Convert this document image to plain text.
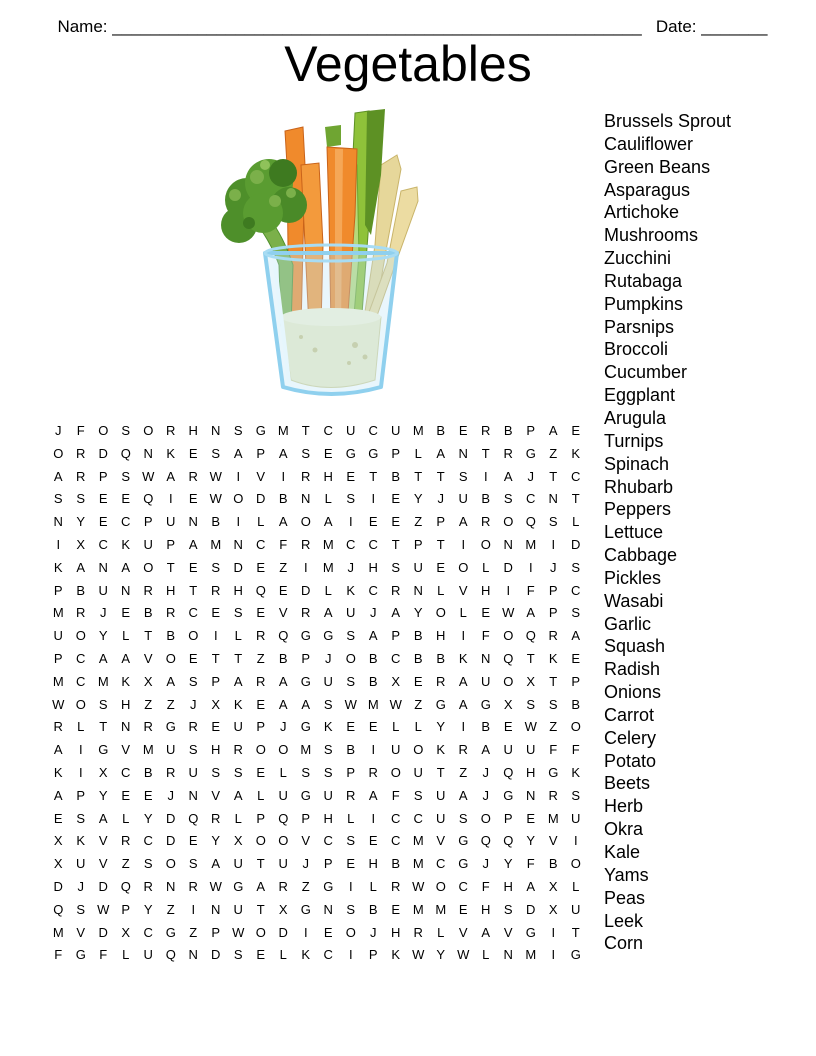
Name: ________________________________________________________ Date: _______

Vegetables
J	F	O	S	O R	H	N	S	G M	T	C	U	C	U M B	E	R	B	P	A	E
O R	D Q N	K	E	S	A	P	A	S	E	G G	P	L	A	N	T	R G	Z	K
A	R	P	S W A	R W	I	V	I	R	H	E	T	B	T	T	S	I	A	J	T	C
S	S	E	E	Q	I	E W O D	B	N	L	S	I	E	Y	J	U	B	S	C	N	T
N	Y	E	C	P	U	N	B	I	L	A	O	A	I	E	E	Z	P	A	R O Q	S	L
I	X	C	K	U	P	A M N	C	F	R M C	C	T	P	T	I	O N M	I	D
K	A	N	A	O	T	E	S	D	E	Z	I	M	J	H	S	U	E	O	L	D	I	J	S
P	B	U	N	R	H	T	R	H Q	E	D	L	K	C	R	N	L	V	H	I	F	P	C
M R	J	E	B	R	C	E	S	E	V	R	A	U	J	A	Y	O	L	E W A	P	S
U O	Y	L	T	B	O	I	L	R Q G G	S	A	P	B	H	I	F	O Q R	A
P	C	A	A	V	O	E	T	T	Z	B	P	J	O	B	C	B	B	K	N Q	T	K	E
M C M K	X	A	S	P	A	R	A	G U	S	B	X	E	R	A	U O	X	T	P
W O	S	H	Z	Z	J	X	K	E	A	A	S W M W Z	G	A	G	X	S	S	B
R	L	T	N	R G R	E	U	P	J	G	K	E	E	L	L	Y	I	B	E W Z	O
A	I	G	V M U	S	H	R O O M S	B	I	U O	K	R	A	U	U	F	F
K	I	X	C	B	R	U	S	S	E	L	S	S	P	R O U	T	Z	J	Q H G	K
A	P	Y	E	E	J	N	V	A	L	U G U	R	A	F	S	U	A	J	G N	R	S
E	S	A	L	Y	D Q R	L	P	Q	P	H	L	I	C	C	U	S	O	P	E M U
X	K	V	R	C	D	E	Y	X	O O	V	C	S	E	C M V	G Q Q	Y	V	I
X	U	V	Z	S	O	S	A	U	T	U	J	P	E	H	B M C G	J	Y	F	B	O
D	J	D Q R	N	R W G	A	R	Z	G	I	L	R W O C	F	H	A	X	L
Q	S W P	Y	Z	I	N	U	T	X	G N	S	B	E M M E	H	S	D	X	U
M V	D	X	C G	Z	P W O D	I	E	O	J	H	R	L	V	A	V	G	I	T
F	G	F	L	U Q N	D	S	E	L	K	C	I	P	K W Y W L	N M	I	G
Brussels Sprout
Cauliflower
Green Beans
Asparagus
Artichoke
Mushrooms
Zucchini
Rutabaga
Pumpkins
Parsnips
Broccoli
Cucumber
Eggplant
Arugula
Turnips
Spinach
Rhubarb
Peppers
Lettuce
Cabbage
Pickles
Wasabi
Garlic
Squash
Radish
Onions
Carrot
Celery
Potato
Beets
Herb
Okra
Kale
Yams
Peas
Leek
Corn
